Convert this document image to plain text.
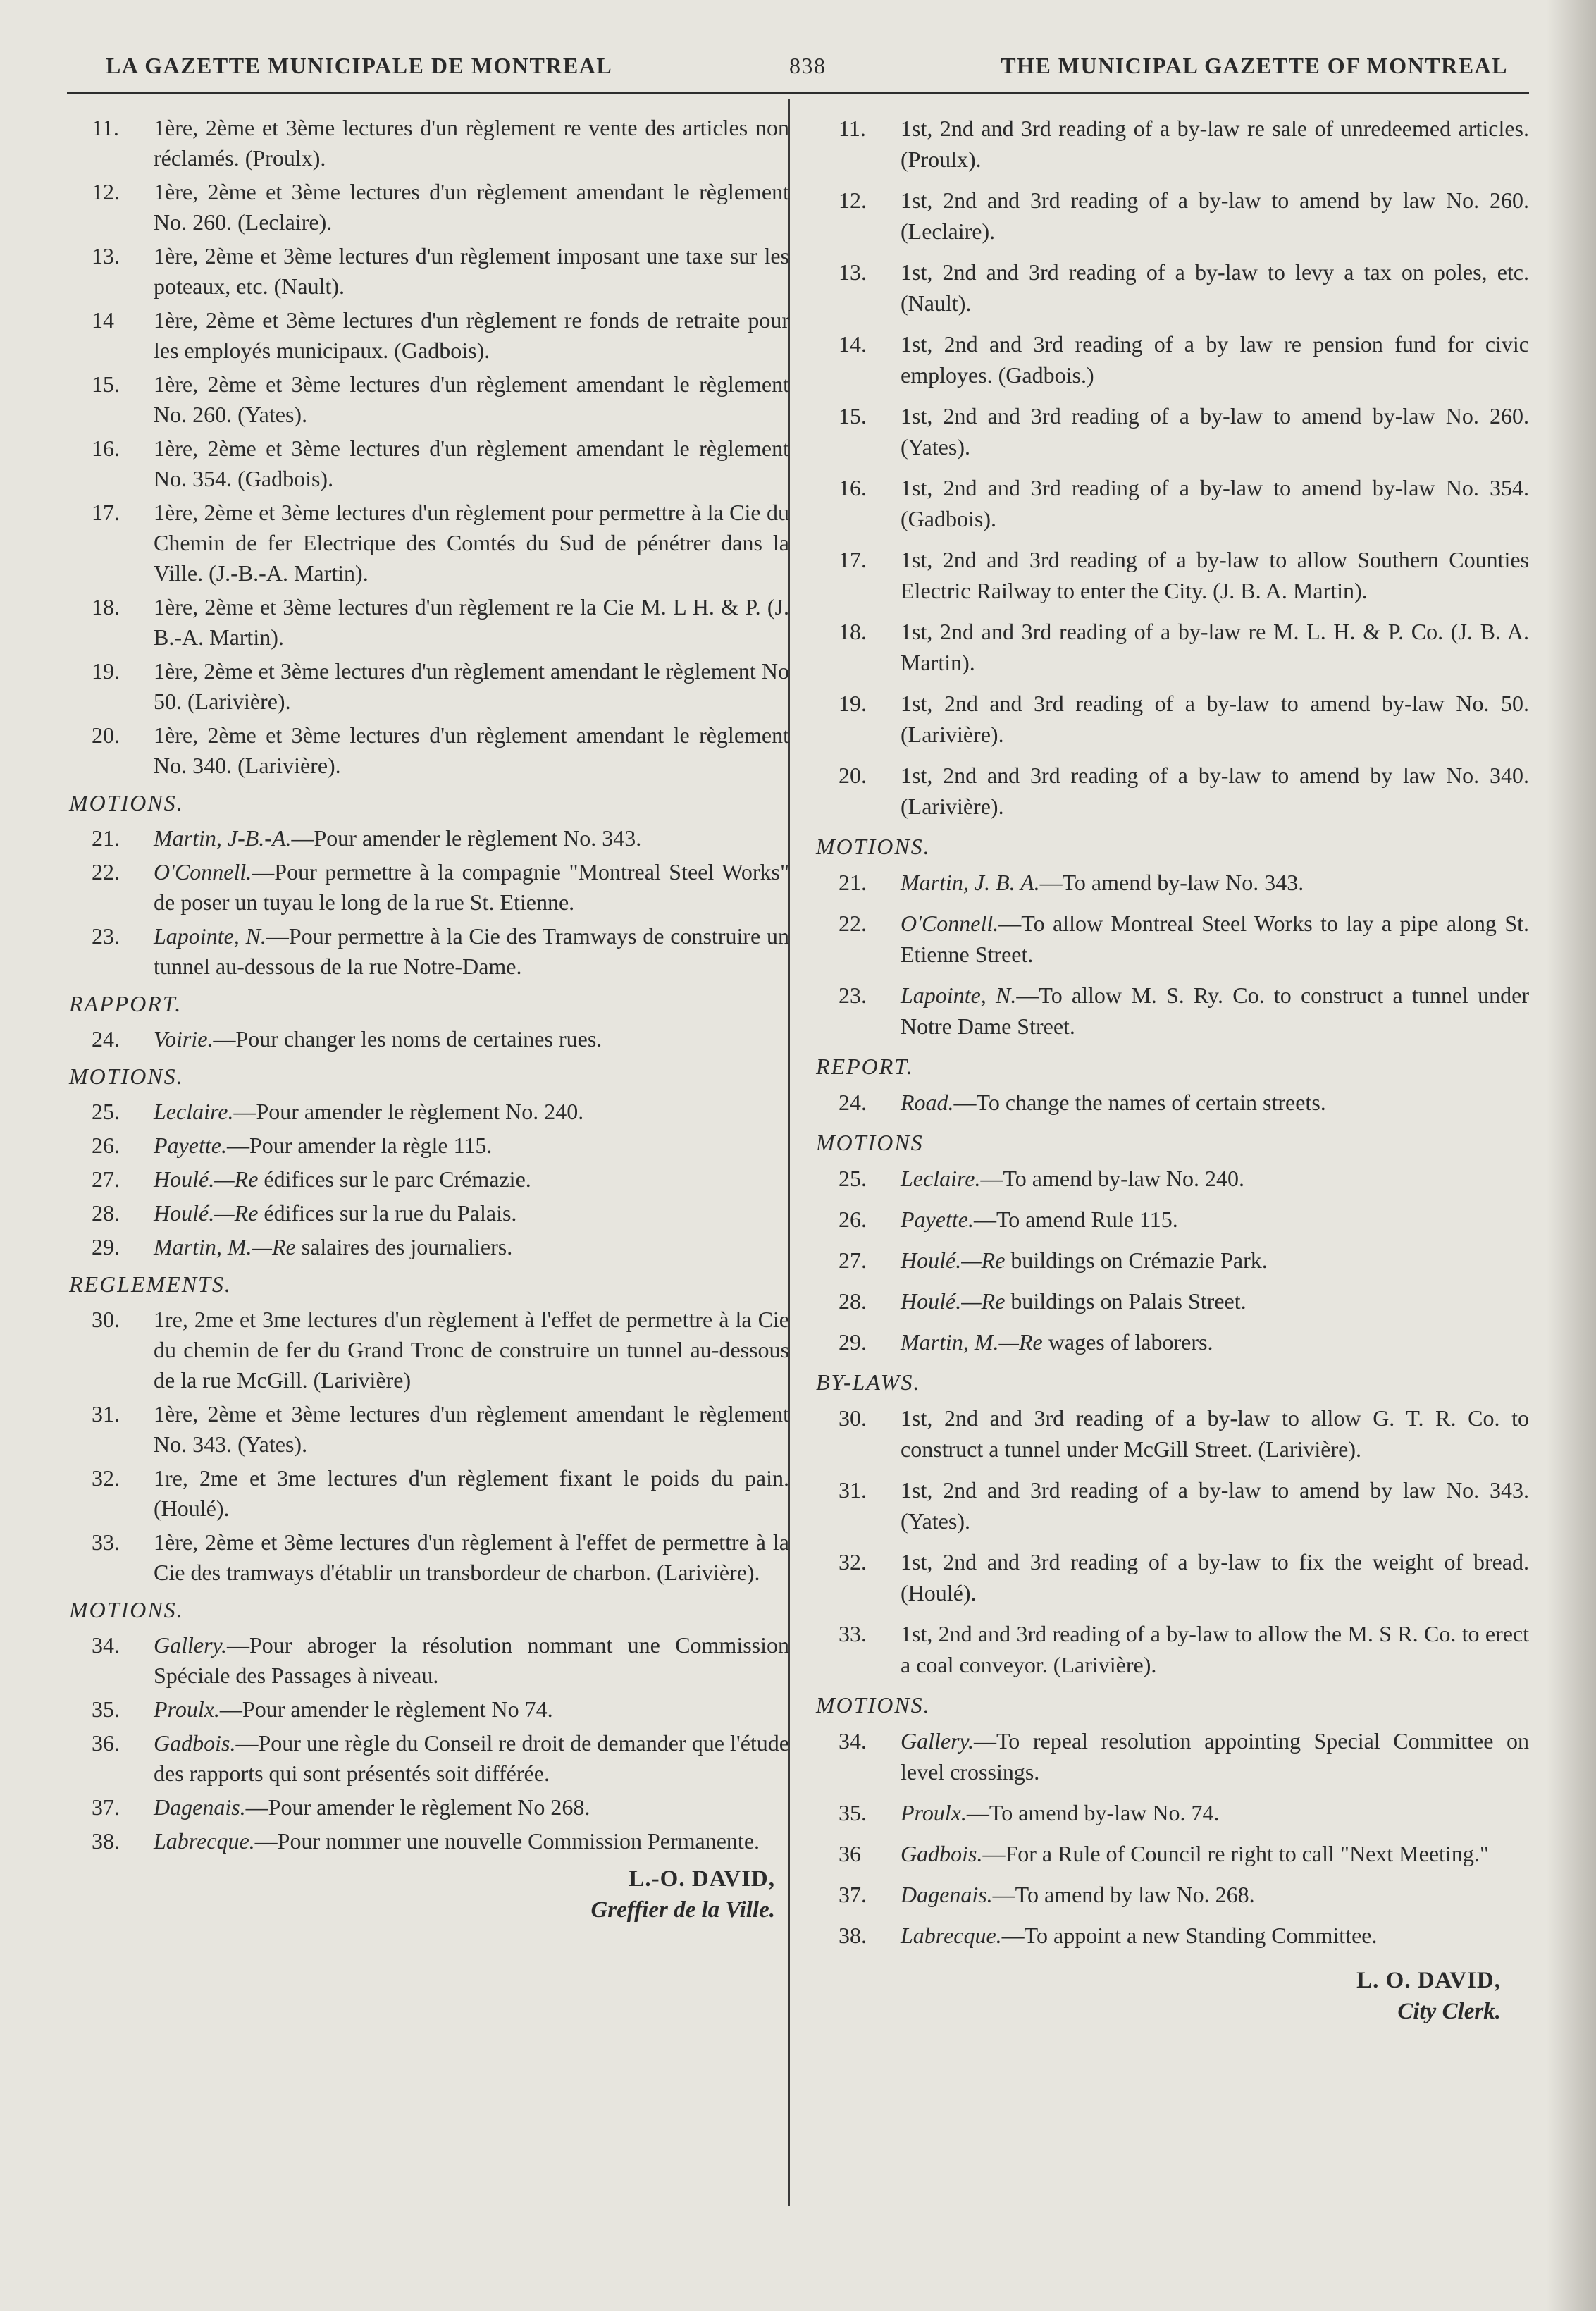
LA GAZETTE MUNICIPALE DE MONTREAL	838	THE MUNICIPAL GAZETTE OF MONTREAL
11. 1ère, 2ème et 3ème lectures d'un règlement re vente des articles non réclamés. (Proulx).
12. 1ère, 2ème et 3ème lectures d'un règlement amendant le règlement No. 260. (Leclaire).
13. 1ère, 2ème et 3ème lectures d'un règlement imposant une taxe sur les poteaux, etc. (Nault).
14 1ère, 2ème et 3ème lectures d'un règlement re fonds de retraite pour les employés municipaux. (Gadbois).
15. 1ère, 2ème et 3ème lectures d'un règlement amendant le règlement No. 260. (Yates).
16. 1ère, 2ème et 3ème lectures d'un règlement amendant le règlement No. 354. (Gadbois).
17. 1ère, 2ème et 3ème lectures d'un règlement pour permettre à la Cie du Chemin de fer Electrique des Comtés du Sud de pénétrer dans la Ville. (J.-B.-A. Martin).
18. 1ère, 2ème et 3ème lectures d'un règlement re la Cie M. L H. & P. (J. B.-A. Martin).
19. 1ère, 2ème et 3ème lectures d'un règlement amendant le règlement No 50. (Larivière).
20. 1ère, 2ème et 3ème lectures d'un règlement amendant le règlement No. 340. (Larivière).
MOTIONS.
21. Martin, J-B.-A.—Pour amender le règlement No. 343.
22. O'Connell.—Pour permettre à la compagnie "Montreal Steel Works" de poser un tuyau le long de la rue St. Etienne.
23. Lapointe, N.—Pour permettre à la Cie des Tramways de construire un tunnel au-dessous de la rue Notre-Dame.
RAPPORT.
24. Voirie.—Pour changer les noms de certaines rues.
MOTIONS.
25. Leclaire.—Pour amender le règlement No. 240.
26. Payette.—Pour amender la règle 115.
27. Houlé.—Re édifices sur le parc Crémazie.
28. Houlé.—Re édifices sur la rue du Palais.
29. Martin, M.—Re salaires des journaliers.
REGLEMENTS.
30. 1re, 2me et 3me lectures d'un règlement à l'effet de permettre à la Cie du chemin de fer du Grand Tronc de construire un tunnel au-dessous de la rue McGill. (Larivière)
31. 1ère, 2ème et 3ème lectures d'un règlement amendant le règlement No. 343. (Yates).
32. 1re, 2me et 3me lectures d'un règlement fixant le poids du pain. (Houlé).
33. 1ère, 2ème et 3ème lectures d'un règlement à l'effet de permettre à la Cie des tramways d'établir un transbordeur de charbon. (Larivière).
MOTIONS.
34. Gallery.—Pour abroger la résolution nommant une Commission Spéciale des Passages à niveau.
35. Proulx.—Pour amender le règlement No 74.
36. Gadbois.—Pour une règle du Conseil re droit de demander que l'étude des rapports qui sont présentés soit différée.
37. Dagenais.—Pour amender le règlement No 268.
38. Labrecque.—Pour nommer une nouvelle Commission Permanente.
L.-O. DAVID,
Greffier de la Ville.
11. 1st, 2nd and 3rd reading of a by-law re sale of unredeemed articles. (Proulx).
12. 1st, 2nd and 3rd reading of a by-law to amend by law No. 260. (Leclaire).
13. 1st, 2nd and 3rd reading of a by-law to levy a tax on poles, etc. (Nault).
14. 1st, 2nd and 3rd reading of a by law re pension fund for civic employes. (Gadbois.)
15. 1st, 2nd and 3rd reading of a by-law to amend by-law No. 260. (Yates).
16. 1st, 2nd and 3rd reading of a by-law to amend by-law No. 354. (Gadbois).
17. 1st, 2nd and 3rd reading of a by-law to allow Southern Counties Electric Railway to enter the City. (J. B. A. Martin).
18. 1st, 2nd and 3rd reading of a by-law re M. L. H. & P. Co. (J. B. A. Martin).
19. 1st, 2nd and 3rd reading of a by-law to amend by-law No. 50. (Larivière).
20. 1st, 2nd and 3rd reading of a by-law to amend by law No. 340. (Larivière).
MOTIONS.
21. Martin, J. B. A.—To amend by-law No. 343.
22. O'Connell.—To allow Montreal Steel Works to lay a pipe along St. Etienne Street.
23. Lapointe, N.—To allow M. S. Ry. Co. to construct a tunnel under Notre Dame Street.
REPORT.
24. Road.—To change the names of certain streets.
MOTIONS
25. Leclaire.—To amend by-law No. 240.
26. Payette.—To amend Rule 115.
27. Houlé.—Re buildings on Crémazie Park.
28. Houlé.—Re buildings on Palais Street.
29. Martin, M.—Re wages of laborers.
BY-LAWS.
30. 1st, 2nd and 3rd reading of a by-law to allow G. T. R. Co. to construct a tunnel under McGill Street. (Larivière).
31. 1st, 2nd and 3rd reading of a by-law to amend by law No. 343. (Yates).
32. 1st, 2nd and 3rd reading of a by-law to fix the weight of bread. (Houlé).
33. 1st, 2nd and 3rd reading of a by-law to allow the M. S R. Co. to erect a coal conveyor. (Larivière).
MOTIONS.
34. Gallery.—To repeal resolution appointing Special Committee on level crossings.
35. Proulx.—To amend by-law No. 74.
36 Gadbois.—For a Rule of Council re right to call "Next Meeting."
37. Dagenais.—To amend by law No. 268.
38. Labrecque.—To appoint a new Standing Committee.
L. O. DAVID,
City Clerk.
